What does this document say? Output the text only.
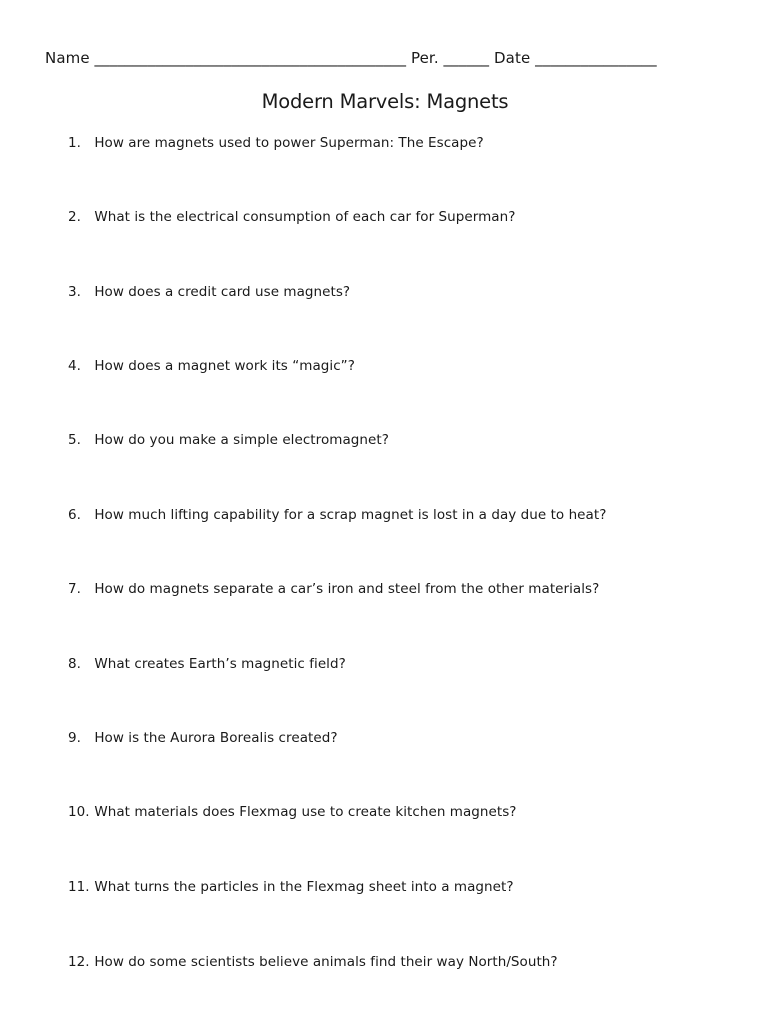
Name _________________________________________ Per. ______ Date ________________
Modern Marvels: Magnets
1. How are magnets used to power Superman: The Escape?
2. What is the electrical consumption of each car for Superman?
3. How does a credit card use magnets?
4. How does a magnet work its “magic”?
5. How do you make a simple electromagnet?
6. How much lifting capability for a scrap magnet is lost in a day due to heat?
7. How do magnets separate a car’s iron and steel from the other materials?
8. What creates Earth’s magnetic field?
9. How is the Aurora Borealis created?
10. What materials does Flexmag use to create kitchen magnets?
11. What turns the particles in the Flexmag sheet into a magnet?
12. How do some scientists believe animals find their way North/South?
